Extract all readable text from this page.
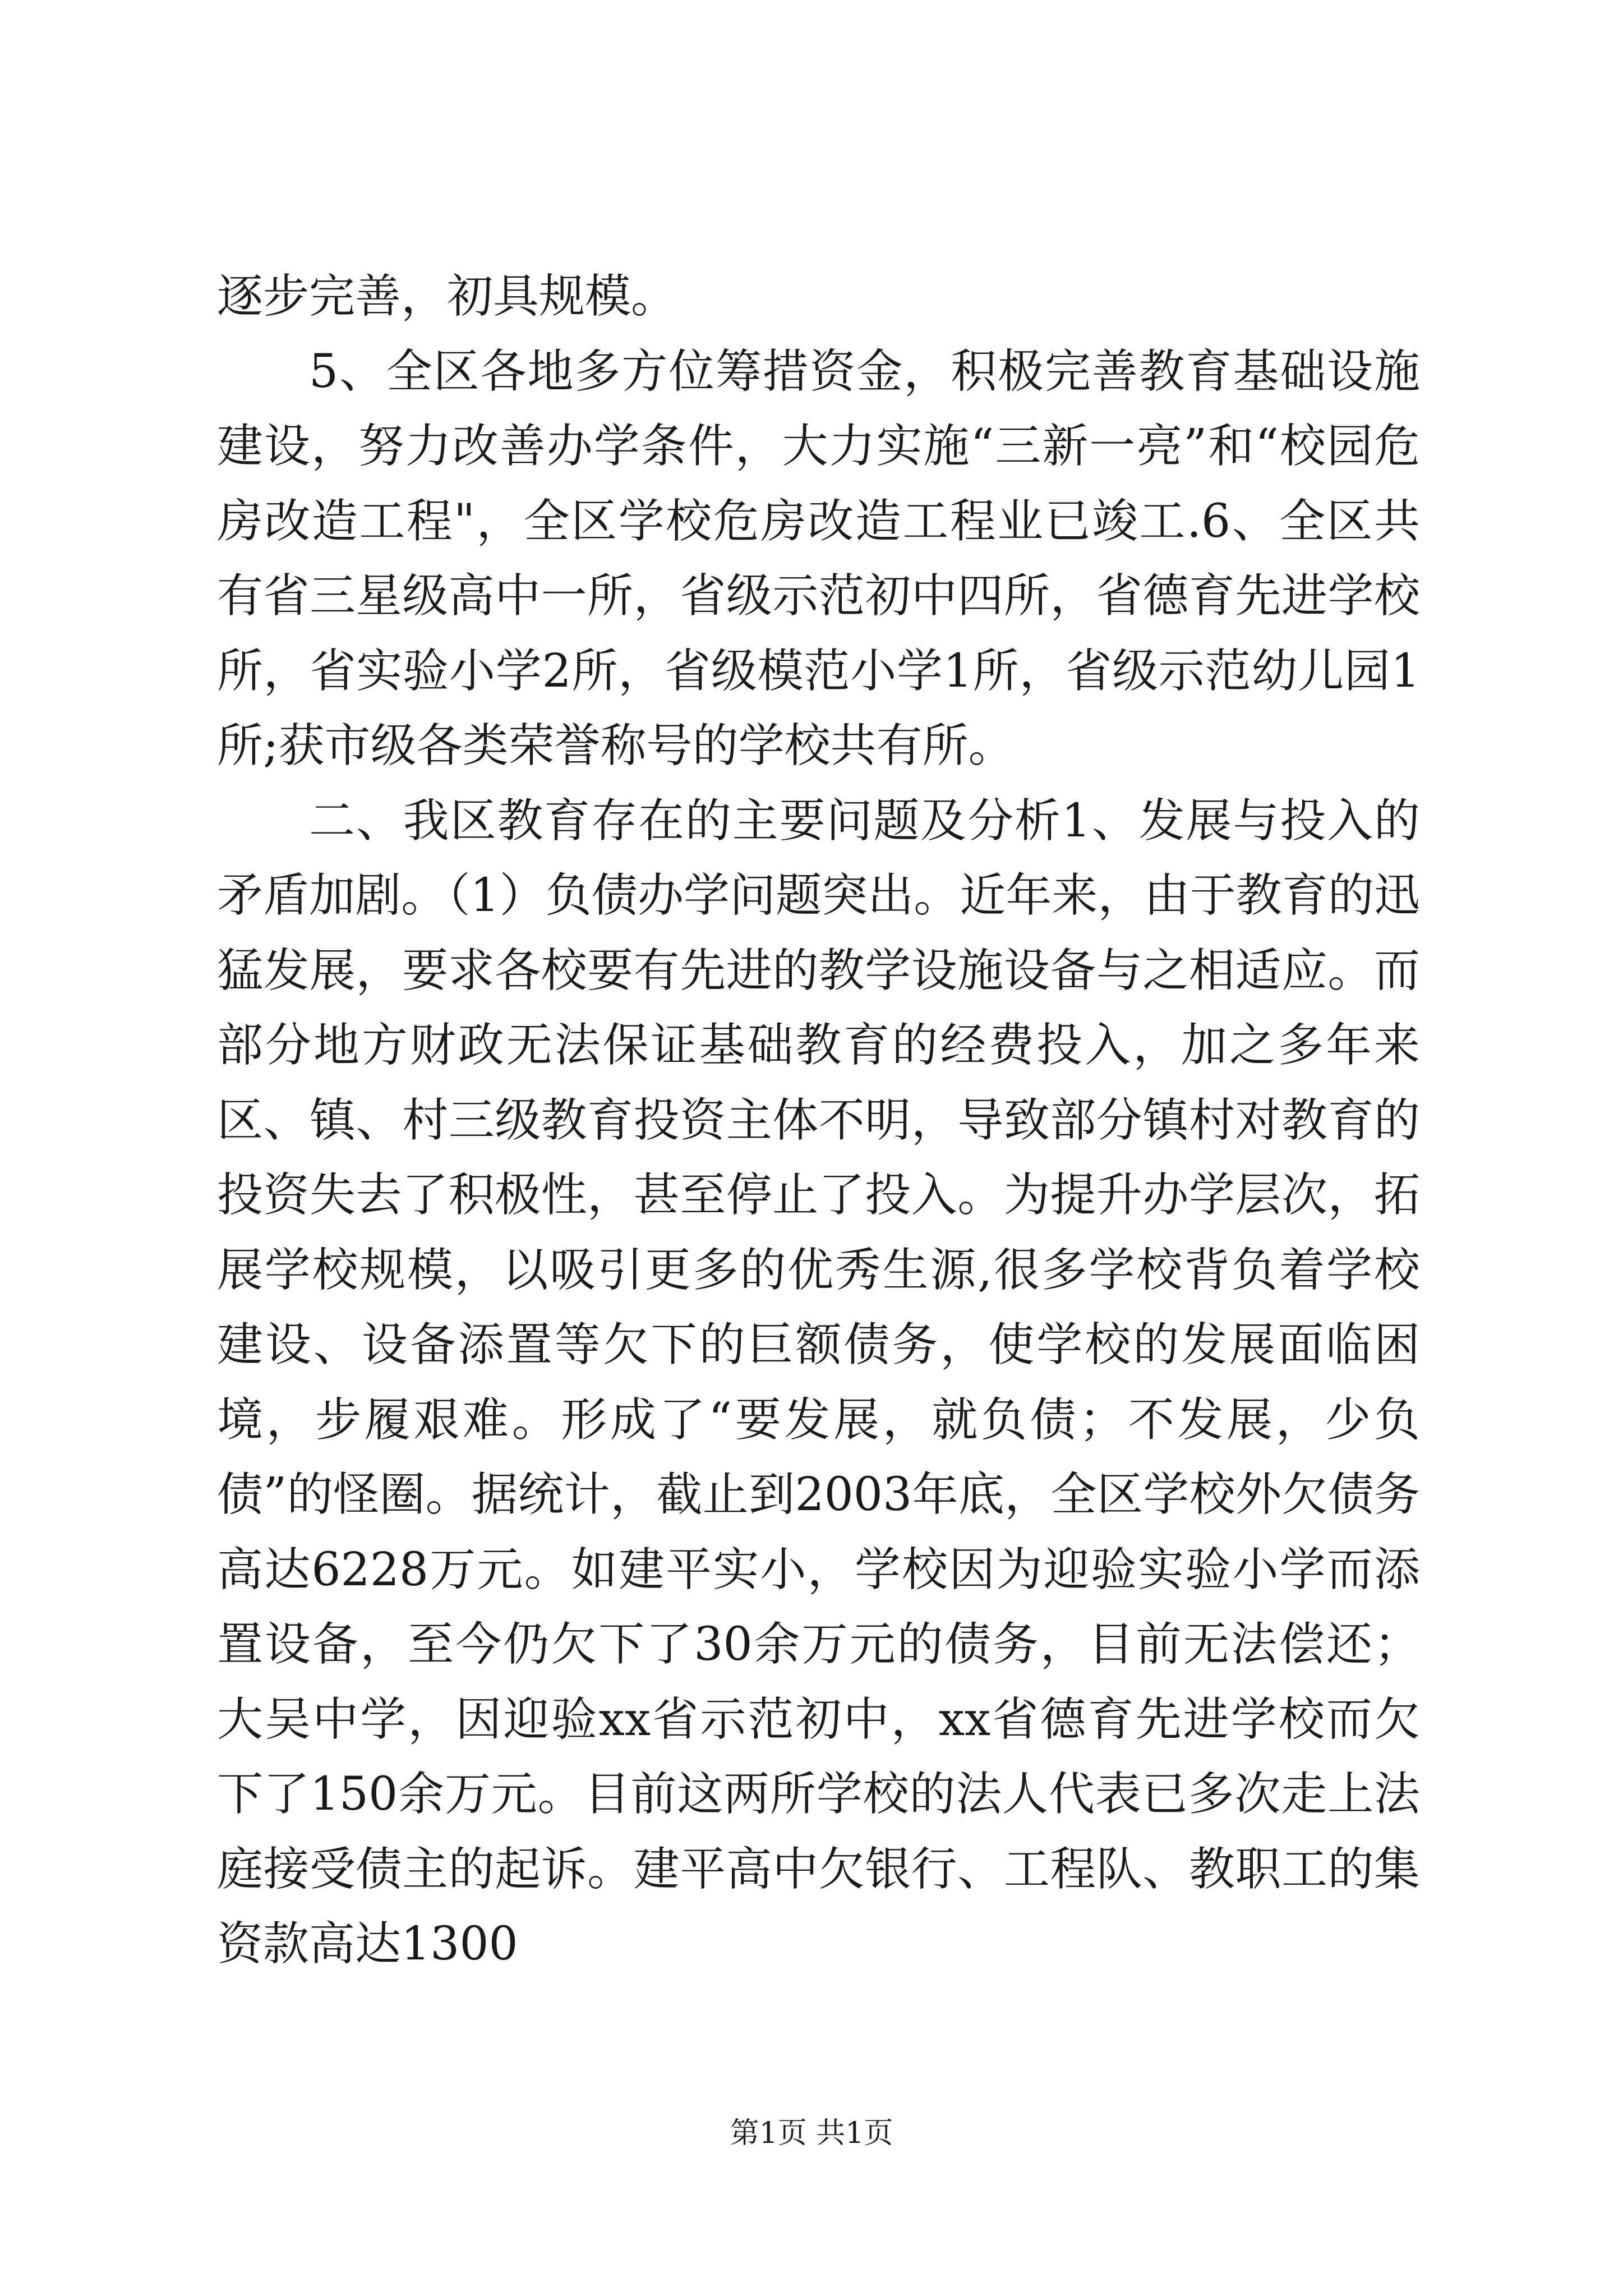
逐步完善，初具规模。

5、全区各地多方位筹措资金，积极完善教育基础设施建设，努力改善办学条件，大力实施“三新一亮”和“校园危房改造工程"，全区学校危房改造工程业已竣工.6、全区共有省三星级高中一所，省级示范初中四所，省德育先进学校所，省实验小学2所，省级模范小学1所，省级示范幼儿园1所;获市级各类荣誉称号的学校共有所。

二、我区教育存在的主要问题及分析1、发展与投入的矛盾加剧。（1）负债办学问题突出。近年来，由于教育的迅猛发展，要求各校要有先进的教学设施设备与之相适应。而部分地方财政无法保证基础教育的经费投入，加之多年来区、镇、村三级教育投资主体不明，导致部分镇村对教育的投资失去了积极性，甚至停止了投入。为提升办学层次，拓展学校规模，以吸引更多的优秀生源,很多学校背负着学校建设、设备添置等欠下的巨额债务，使学校的发展面临困境，步履艰难。形成了“要发展，就负债；不发展，少负债”的怪圈。据统计，截止到2003年底，全区学校外欠债务高达6228万元。如建平实小，学校因为迎验实验小学而添置设备，至今仍欠下了30余万元的债务，目前无法偿还；大吴中学，因迎验xx省示范初中，xx省德育先进学校而欠下了150余万元。目前这两所学校的法人代表已多次走上法庭接受债主的起诉。建平高中欠银行、工程队、教职工的集资款高达1300

第1页 共1页
